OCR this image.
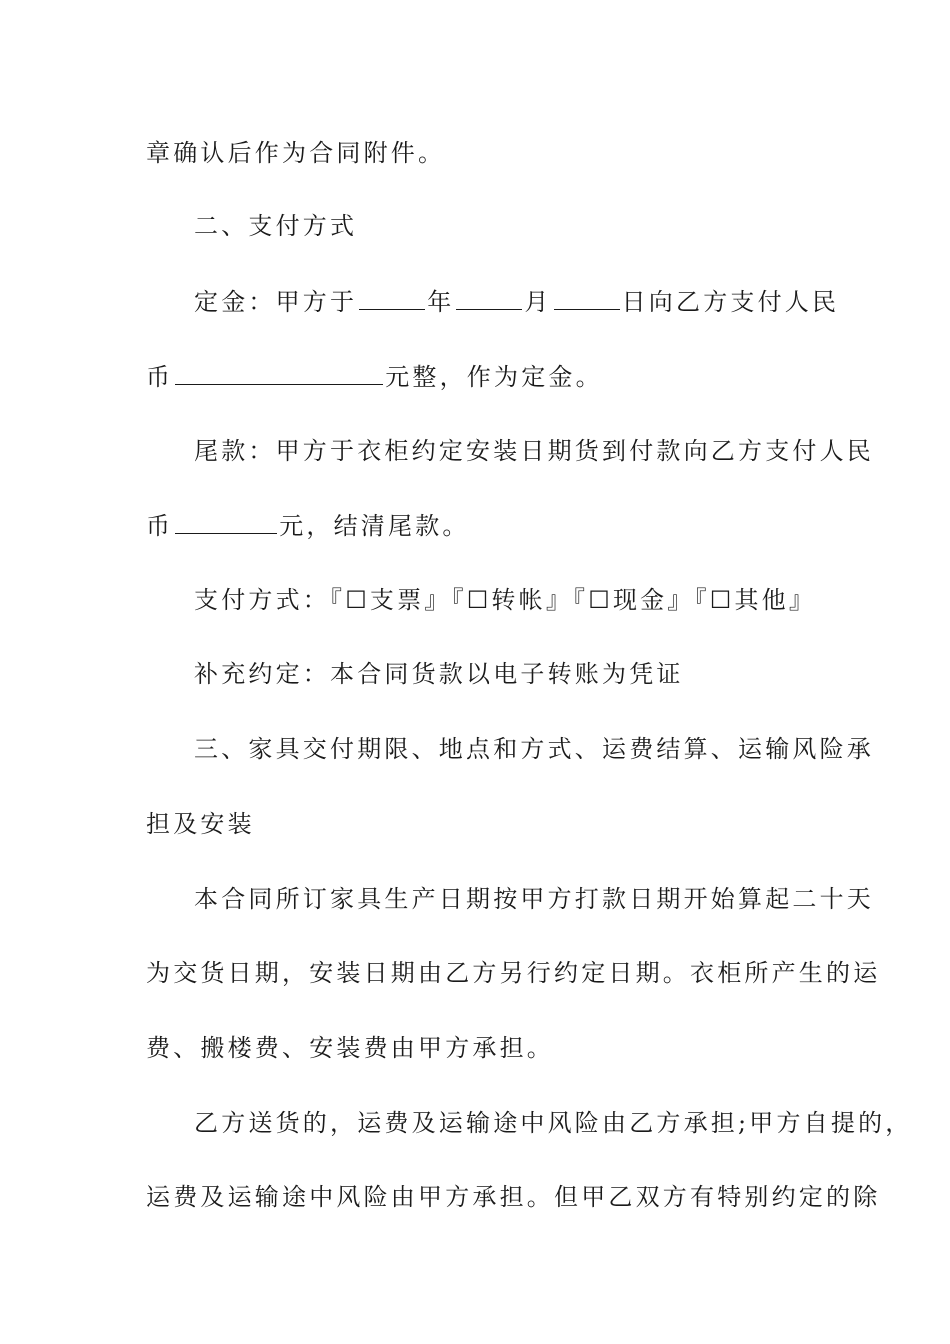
章确认后作为合同附件。
二、支付方式
定金：甲方于	年	月	日向乙方支付人民
币	元整，作为定金。
尾款：甲方于衣柜约定安装日期货到付款向乙方支付人民
币	元，结清尾款。
支付方式：『☐支票』『☐转帐』『☐现金』『☐其他』
补充约定：本合同货款以电子转账为凭证
三、家具交付期限、地点和方式、运费结算、运输风险承
担及安装
本合同所订家具生产日期按甲方打款日期开始算起二十天
为交货日期，安装日期由乙方另行约定日期。衣柜所产生的运
费、搬楼费、安装费由甲方承担。
乙方送货的，运费及运输途中风险由乙方承担;甲方自提的，
运费及运输途中风险由甲方承担。但甲乙双方有特别约定的除
